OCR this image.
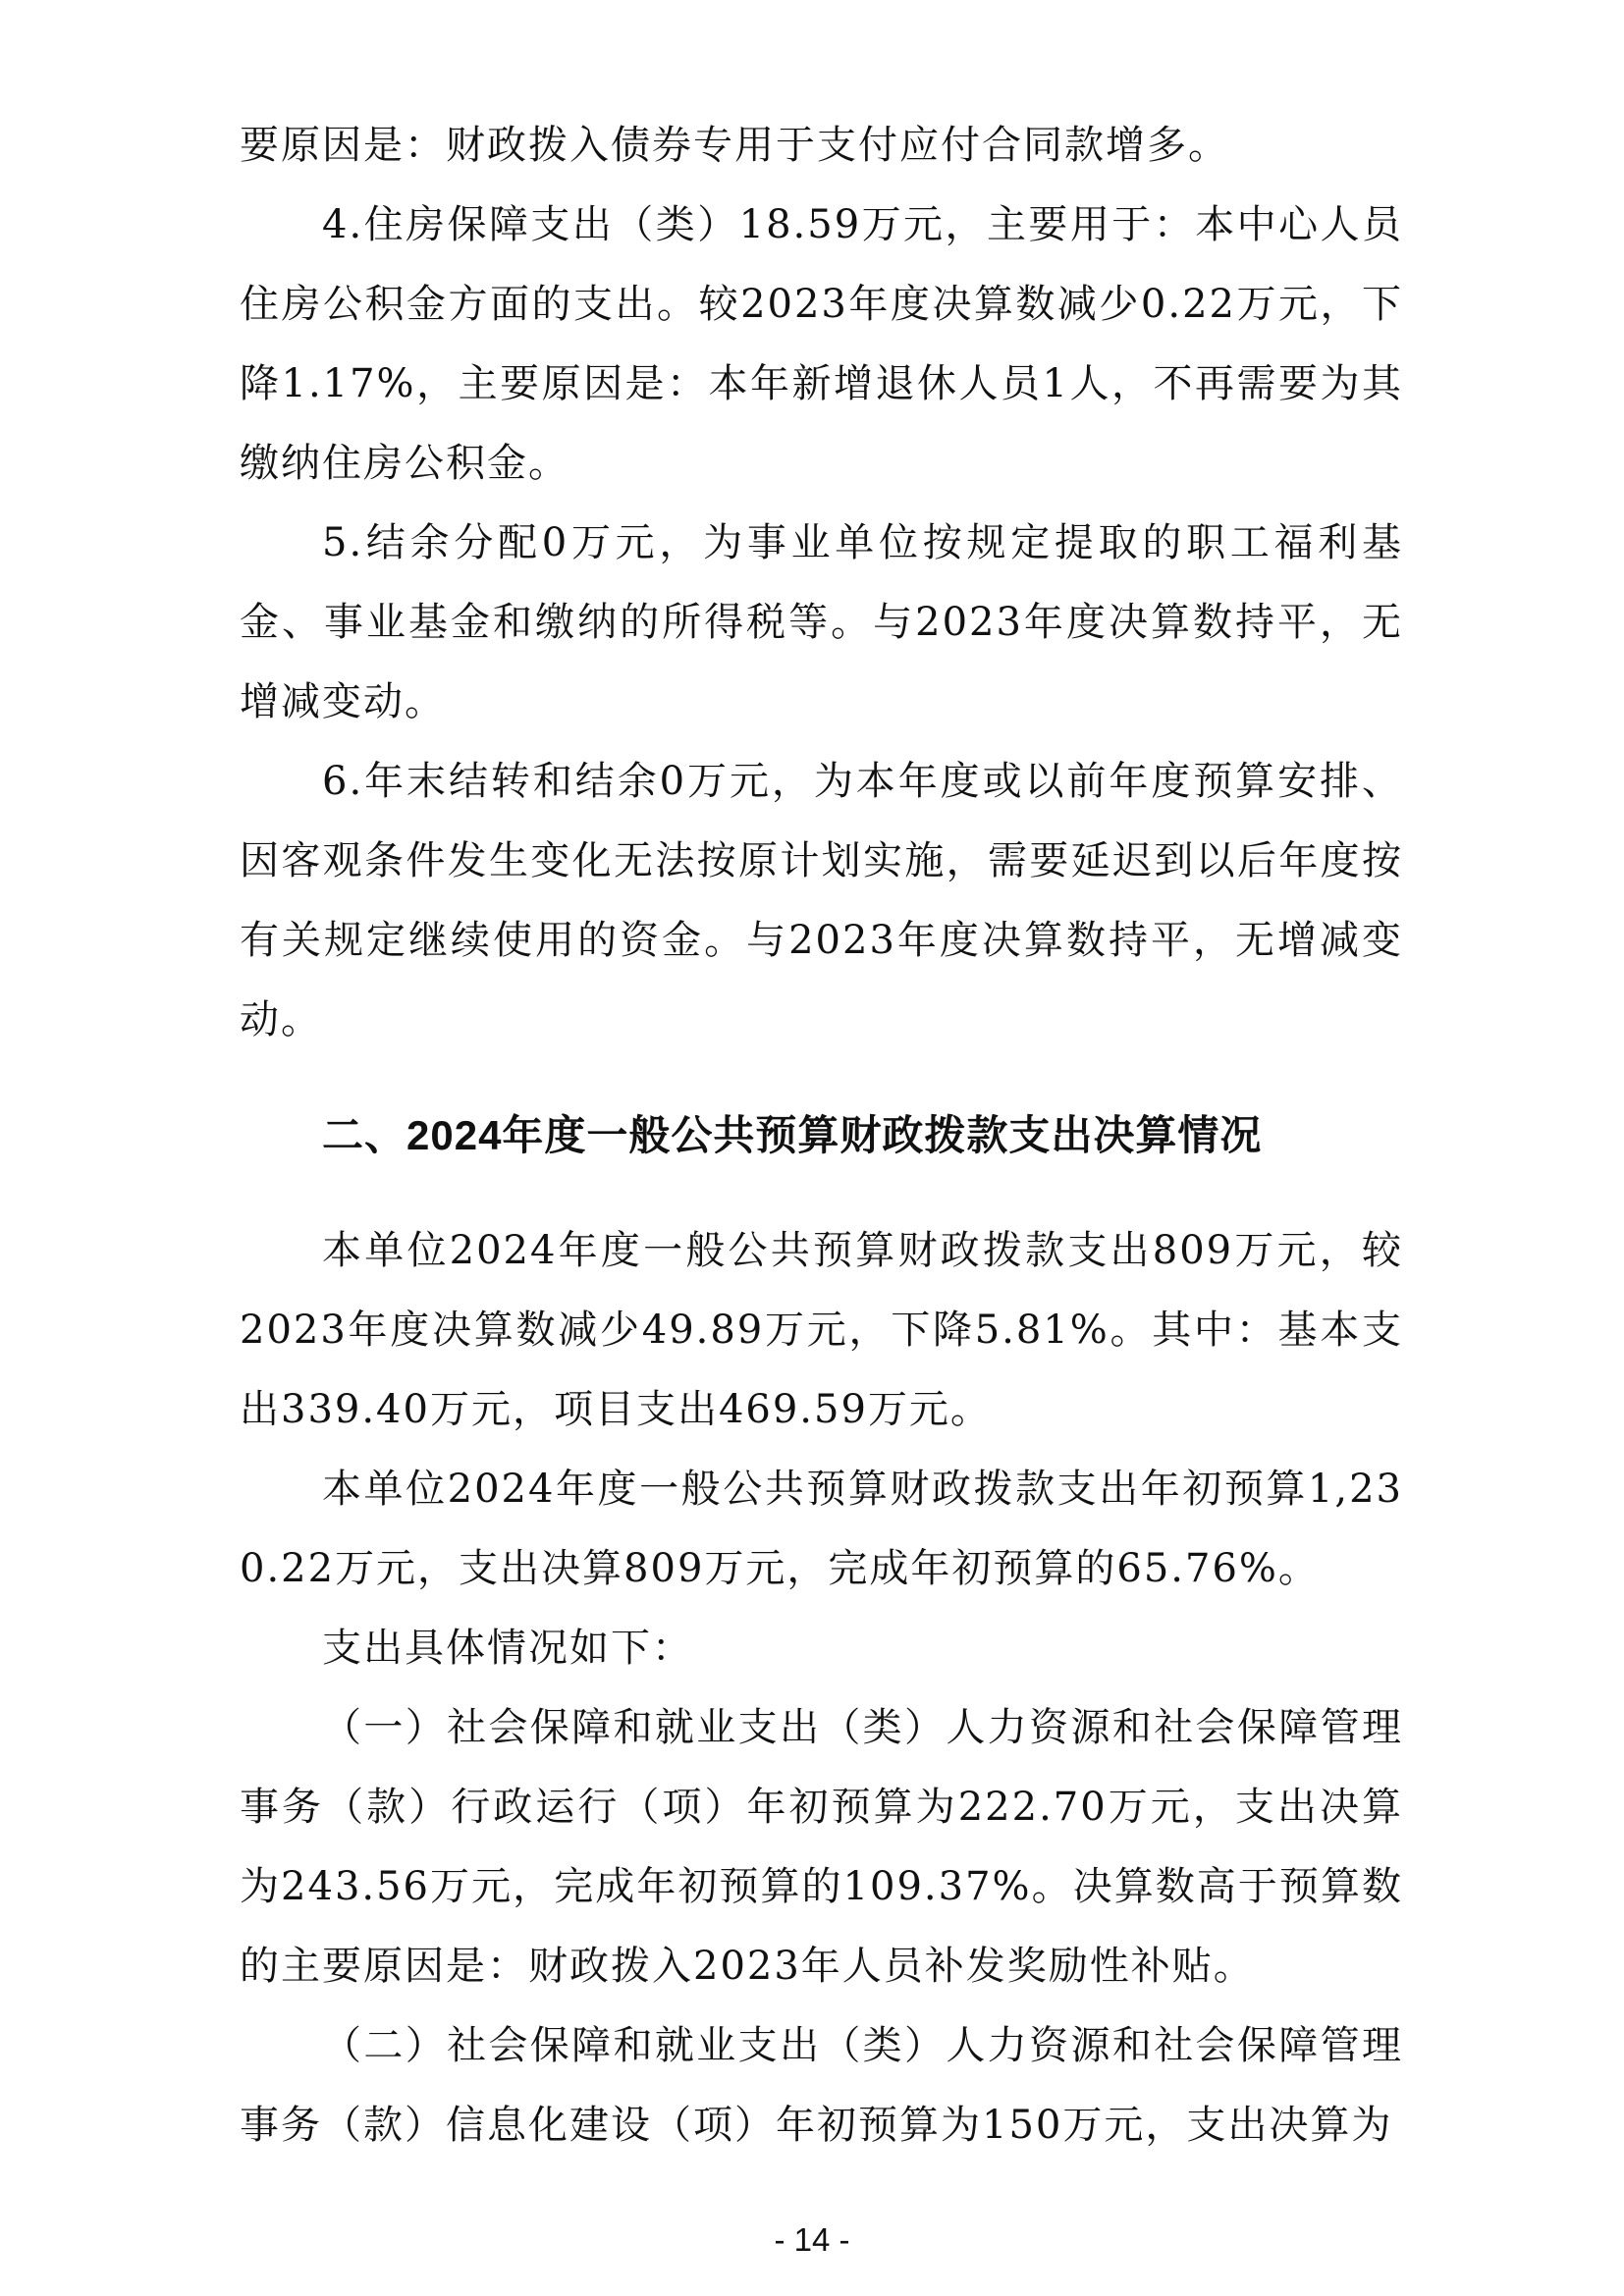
要原因是：财政拨入债券专用于支付应付合同款增多。

4.住房保障支出（类）18.59万元，主要用于：本中心人员住房公积金方面的支出。较2023年度决算数减少0.22万元，下降1.17%，主要原因是：本年新增退休人员1人，不再需要为其缴纳住房公积金。

5.结余分配0万元，为事业单位按规定提取的职工福利基金、事业基金和缴纳的所得税等。与2023年度决算数持平，无增减变动。

6.年末结转和结余0万元，为本年度或以前年度预算安排、因客观条件发生变化无法按原计划实施，需要延迟到以后年度按有关规定继续使用的资金。与2023年度决算数持平，无增减变动。

二、2024年度一般公共预算财政拨款支出决算情况

本单位2024年度一般公共预算财政拨款支出809万元，较2023年度决算数减少49.89万元，下降5.81%。其中：基本支出339.40万元，项目支出469.59万元。

本单位2024年度一般公共预算财政拨款支出年初预算1,230.22万元，支出决算809万元，完成年初预算的65.76%。

支出具体情况如下：

（一）社会保障和就业支出（类）人力资源和社会保障管理事务（款）行政运行（项）年初预算为222.70万元，支出决算为243.56万元，完成年初预算的109.37%。决算数高于预算数的主要原因是：财政拨入2023年人员补发奖励性补贴。

（二）社会保障和就业支出（类）人力资源和社会保障管理事务（款）信息化建设（项）年初预算为150万元，支出决算为

- 14 -
